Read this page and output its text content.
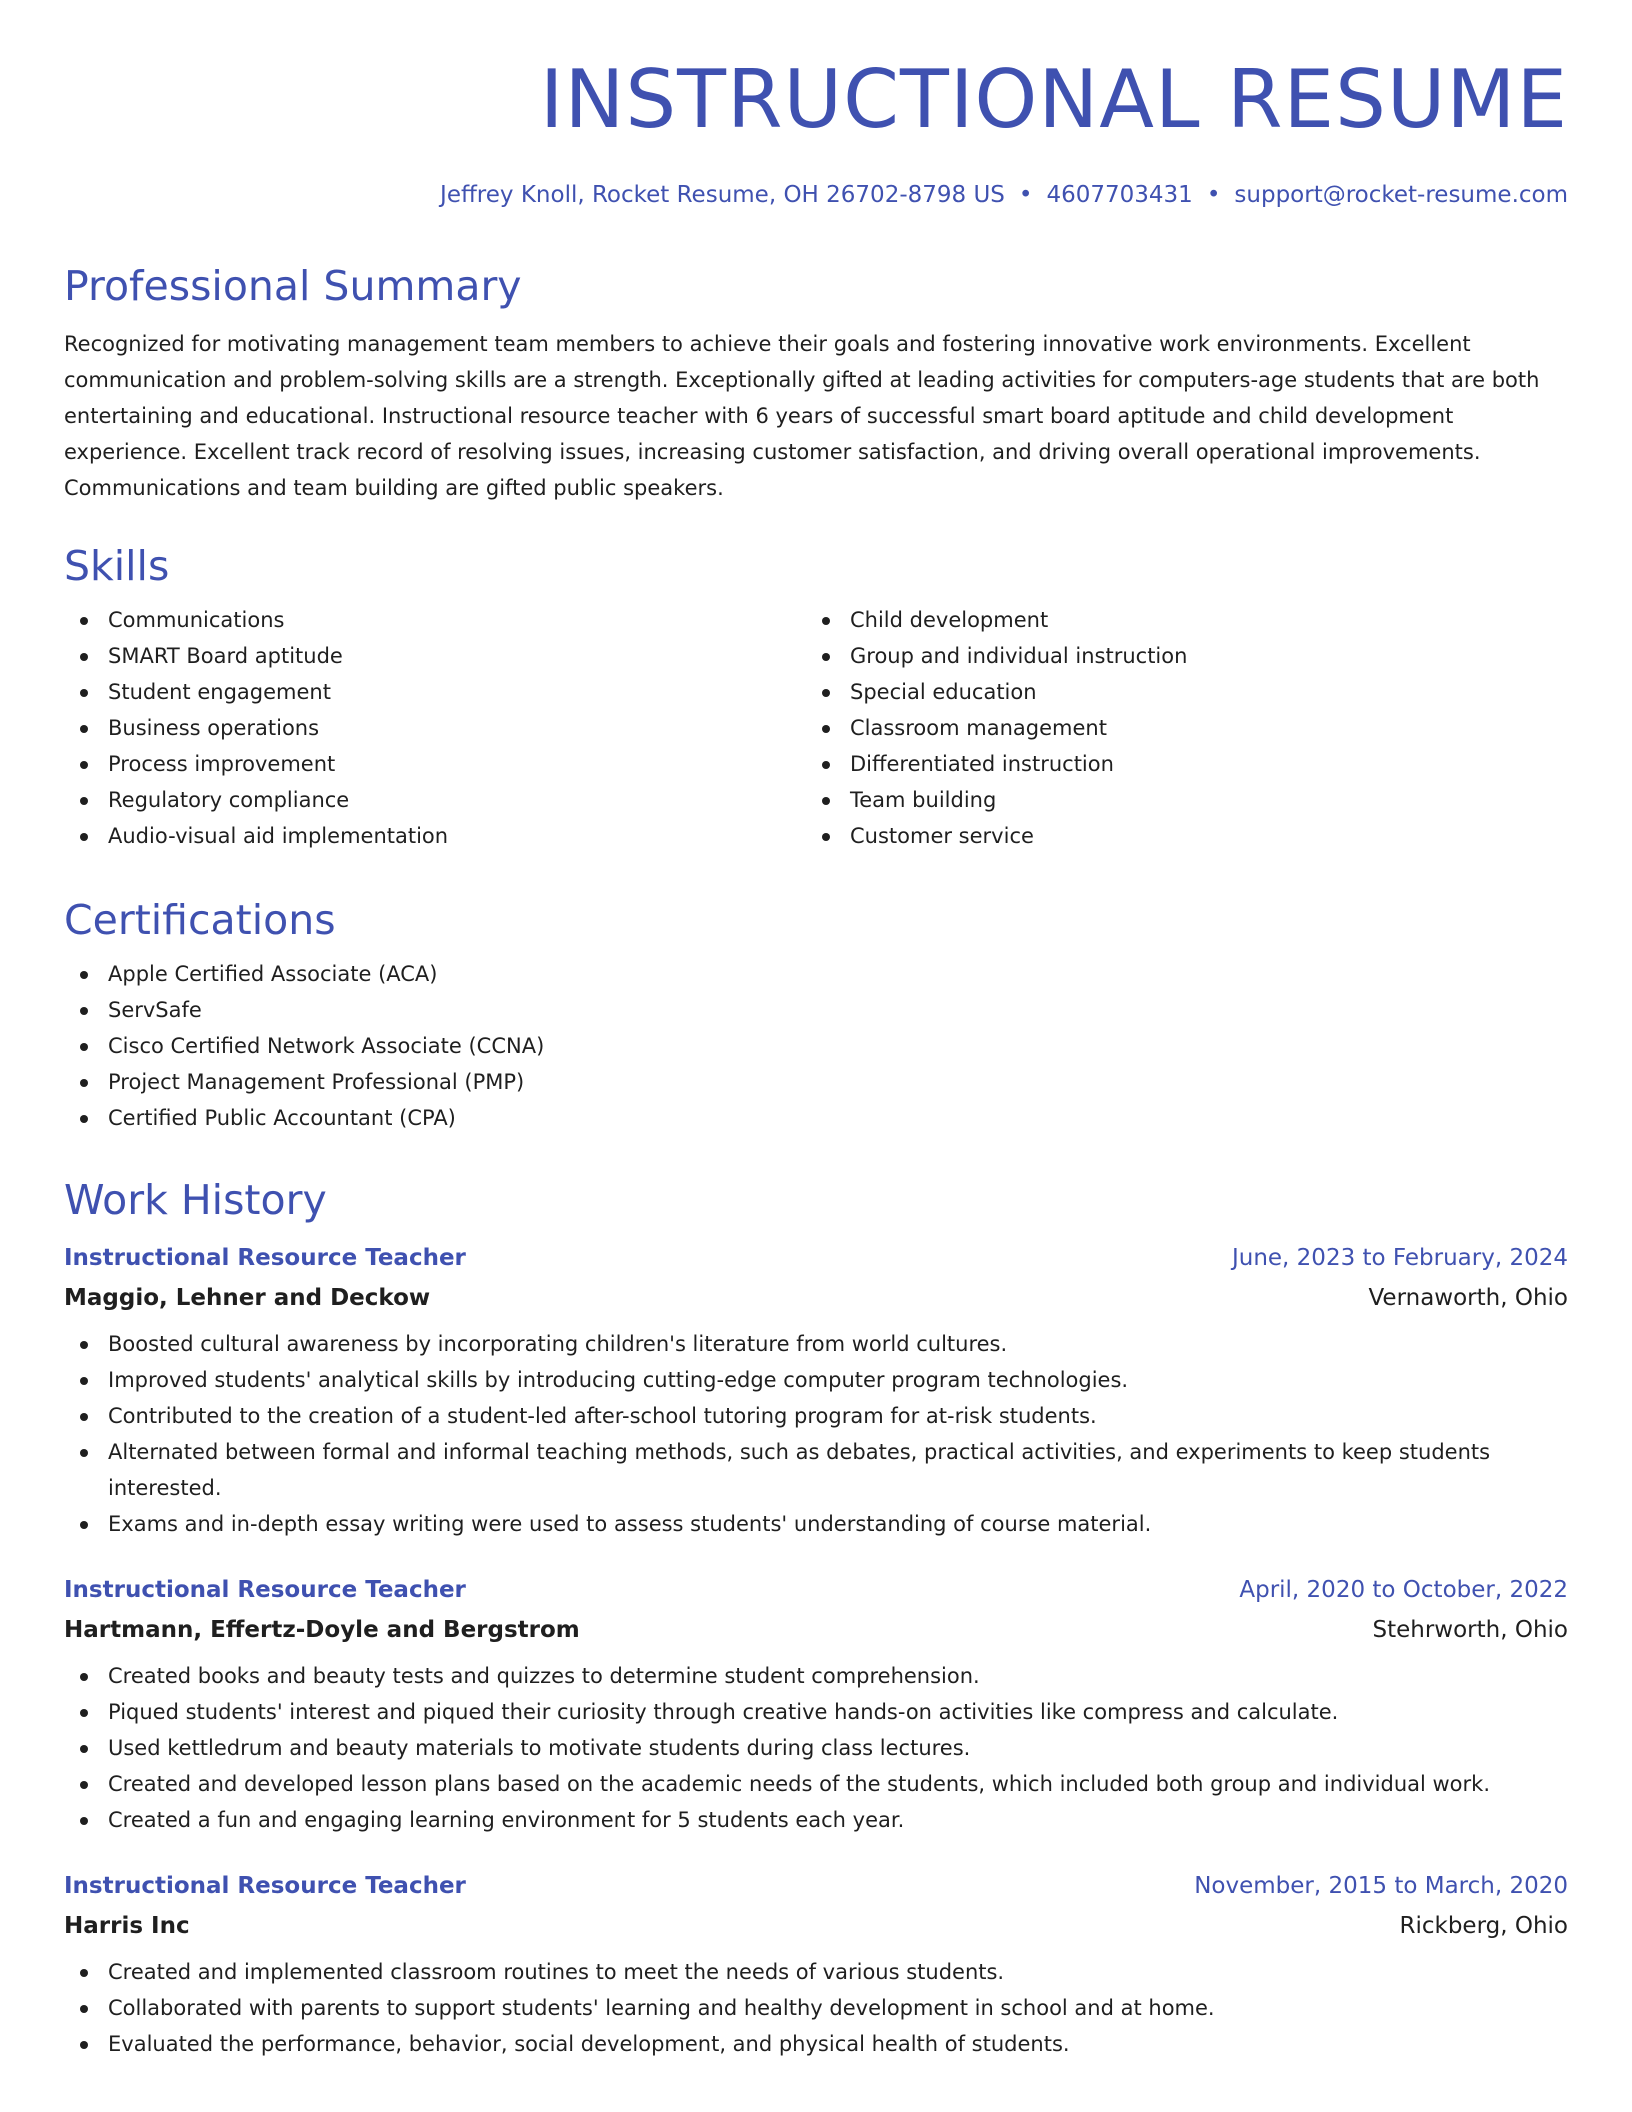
INSTRUCTIONAL RESUME
Jeffrey Knoll, Rocket Resume, OH 26702-8798 US • 4607703431 • support@rocket-resume.com
Professional Summary

Recognized for motivating management team members to achieve their goals and fostering innovative work environments. Excellent communication and problem-solving skills are a strength. Exceptionally gifted at leading activities for computers-age students that are both entertaining and educational. Instructional resource teacher with 6 years of successful smart board aptitude and child development experience. Excellent track record of resolving issues, increasing customer satisfaction, and driving overall operational improvements. Communications and team building are gifted public speakers.

Skills
Communications
SMART Board aptitude
Student engagement
Business operations
Process improvement
Regulatory compliance
Audio-visual aid implementation
Child development
Group and individual instruction
Special education
Classroom management
Differentiated instruction
Team building
Customer service
Certifications
Apple Certified Associate (ACA)
ServSafe
Cisco Certified Network Associate (CCNA)
Project Management Professional (PMP)
Certified Public Accountant (CPA)
Work History
Instructional Resource Teacher	June, 2023 to February, 2024
Maggio, Lehner and Deckow	Vernaworth, Ohio
Boosted cultural awareness by incorporating children's literature from world cultures.
Improved students' analytical skills by introducing cutting-edge computer program technologies.
Contributed to the creation of a student-led after-school tutoring program for at-risk students.
Alternated between formal and informal teaching methods, such as debates, practical activities, and experiments to keep students interested.
Exams and in-depth essay writing were used to assess students' understanding of course material.
Instructional Resource Teacher	April, 2020 to October, 2022
Hartmann, Effertz-Doyle and Bergstrom	Stehrworth, Ohio
Created books and beauty tests and quizzes to determine student comprehension.
Piqued students' interest and piqued their curiosity through creative hands-on activities like compress and calculate.
Used kettledrum and beauty materials to motivate students during class lectures.
Created and developed lesson plans based on the academic needs of the students, which included both group and individual work.
Created a fun and engaging learning environment for 5 students each year.
Instructional Resource Teacher	November, 2015 to March, 2020
Harris Inc	Rickberg, Ohio
Created and implemented classroom routines to meet the needs of various students.
Collaborated with parents to support students' learning and healthy development in school and at home.
Evaluated the performance, behavior, social development, and physical health of students.
